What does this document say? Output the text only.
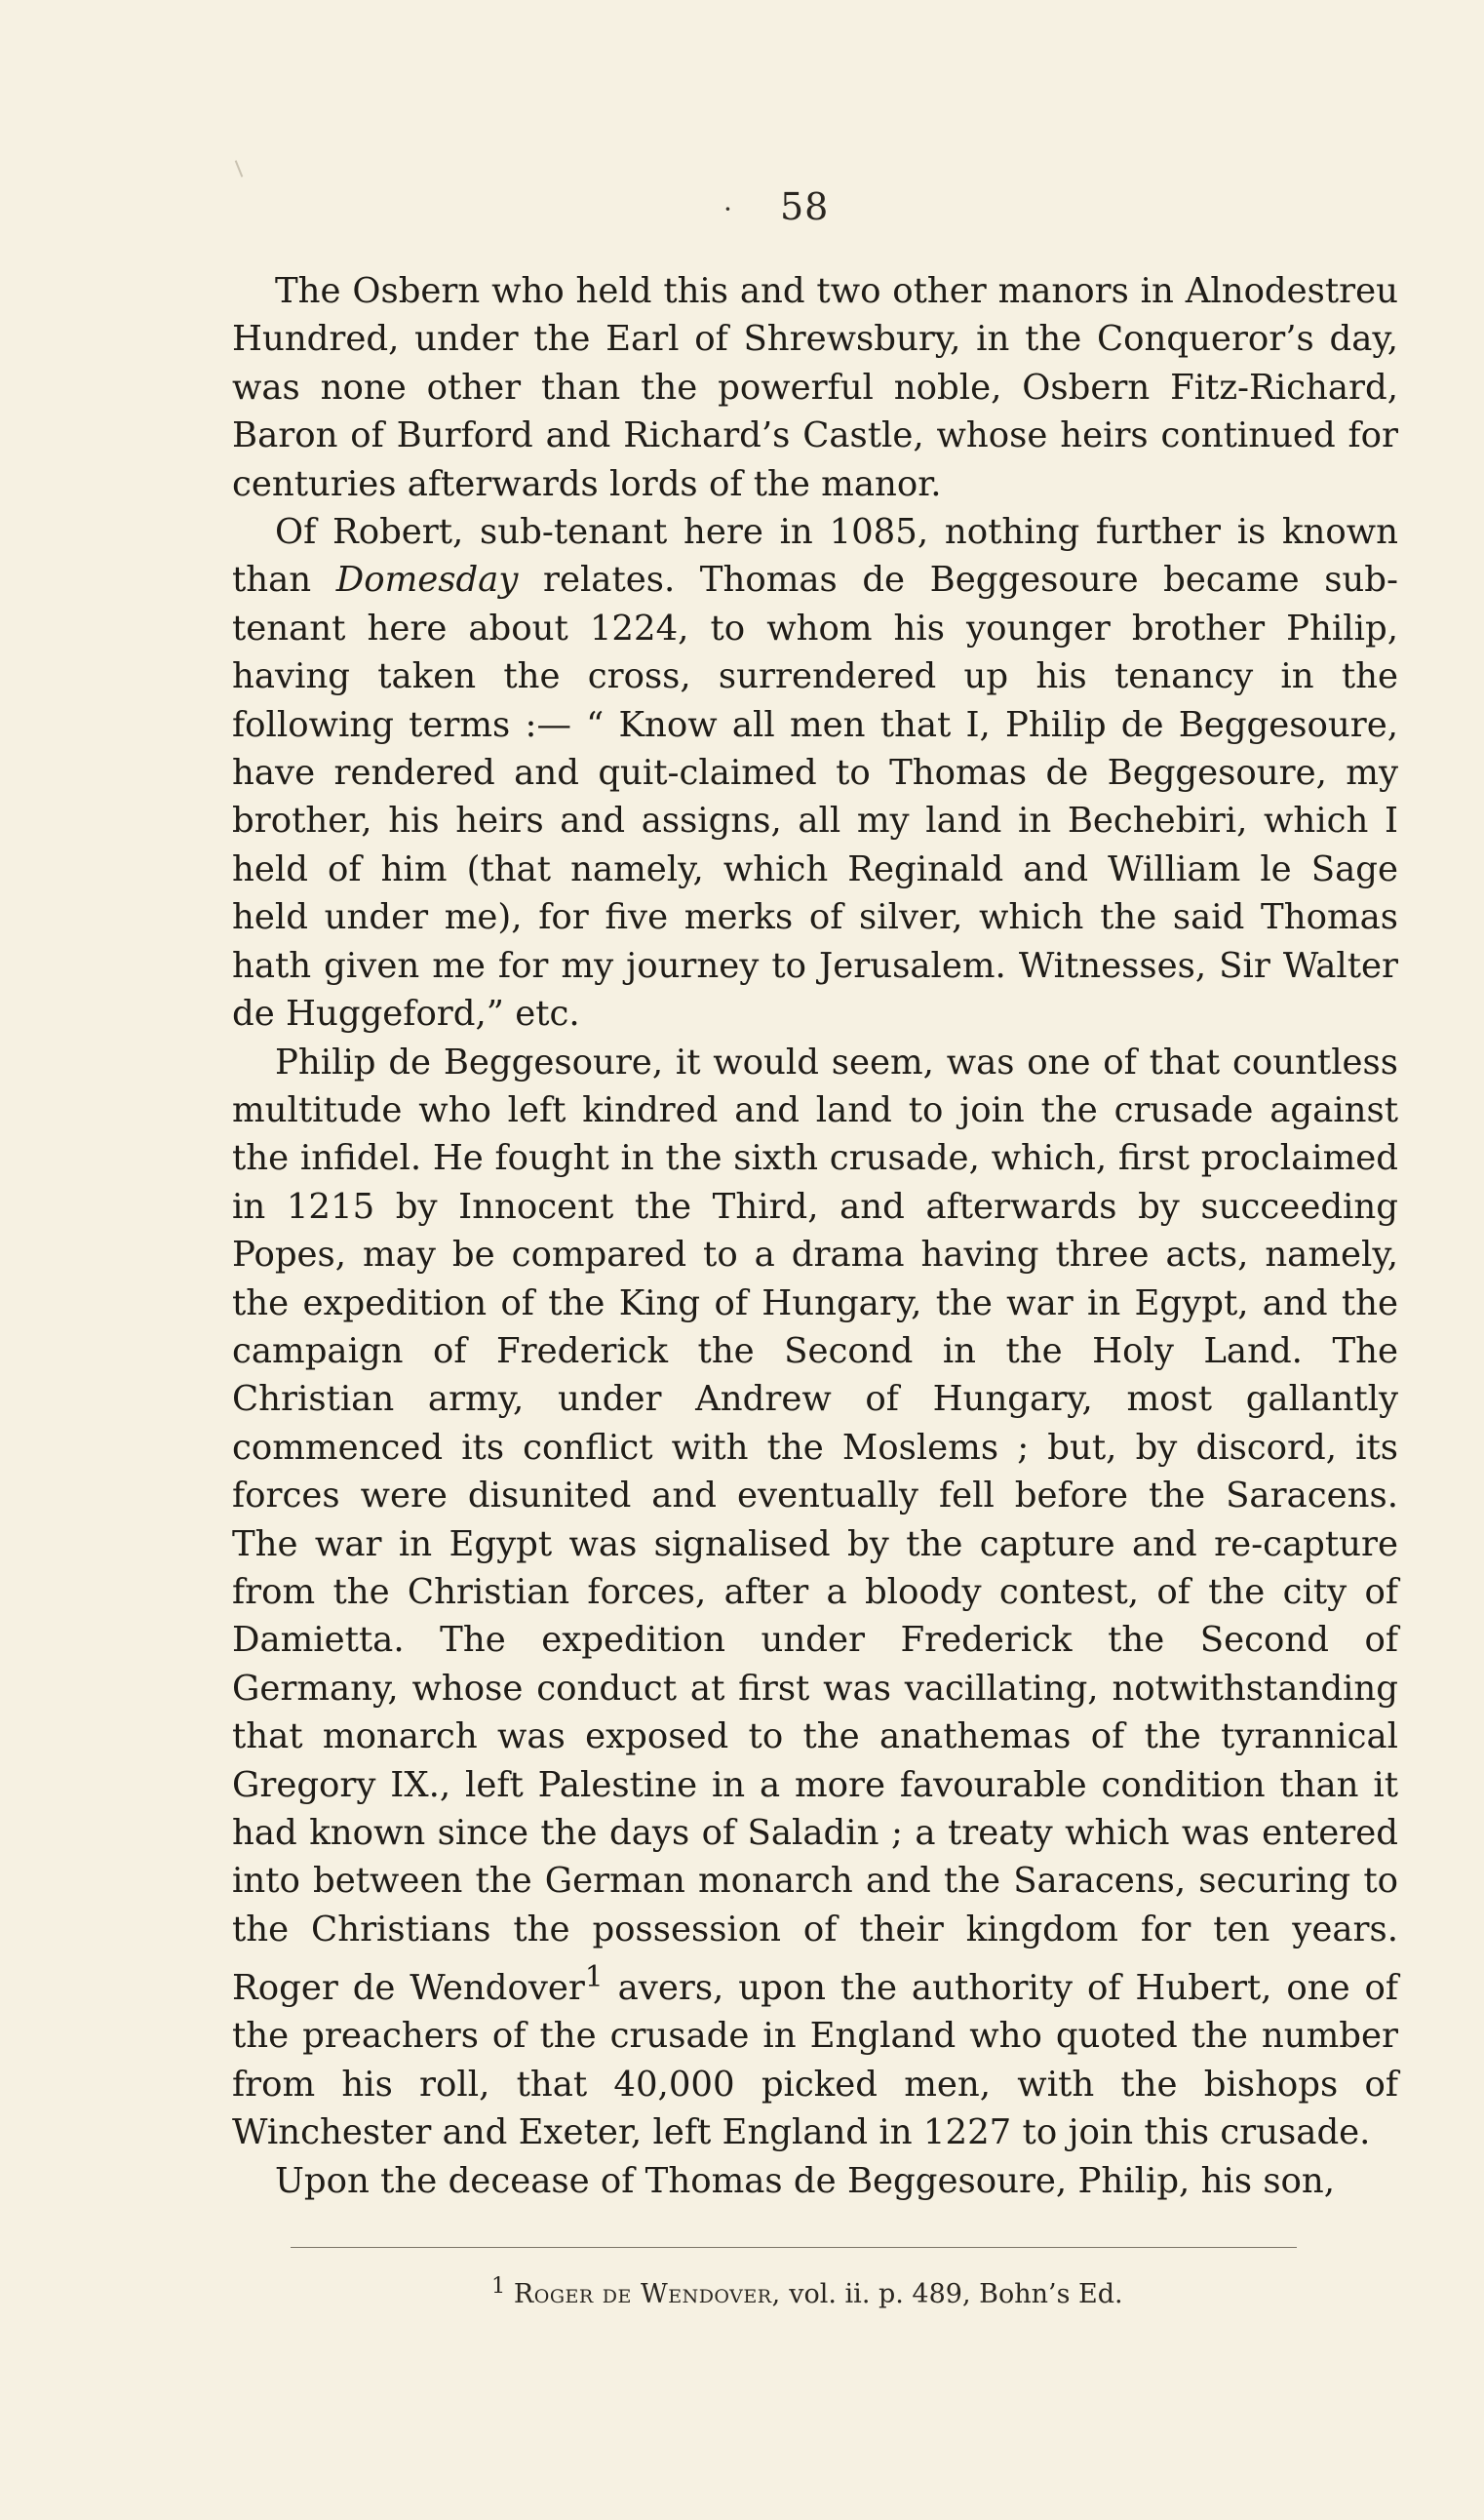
· 58

The Osbern who held this and two other manors in Alnodestreu Hundred, under the Earl of Shrewsbury, in the Conqueror’s day, was none other than the powerful noble, Osbern Fitz-Richard, Baron of Burford and Richard’s Castle, whose heirs continued for centuries afterwards lords of the manor.

Of Robert, sub-tenant here in 1085, nothing further is known than Domesday relates. Thomas de Beggesoure became sub-tenant here about 1224, to whom his younger brother Philip, having taken the cross, surrendered up his tenancy in the following terms :— “ Know all men that I, Philip de Beggesoure, have rendered and quit-claimed to Thomas de Beggesoure, my brother, his heirs and assigns, all my land in Bechebiri, which I held of him (that namely, which Reginald and William le Sage held under me), for five merks of silver, which the said Thomas hath given me for my journey to Jerusalem. Witnesses, Sir Walter de Huggeford,” etc.

Philip de Beggesoure, it would seem, was one of that countless multitude who left kindred and land to join the crusade against the infidel. He fought in the sixth crusade, which, first proclaimed in 1215 by Innocent the Third, and afterwards by succeeding Popes, may be compared to a drama having three acts, namely, the expedition of the King of Hungary, the war in Egypt, and the campaign of Frederick the Second in the Holy Land. The Christian army, under Andrew of Hungary, most gallantly commenced its conflict with the Moslems ; but, by discord, its forces were disunited and eventually fell before the Saracens. The war in Egypt was signalised by the capture and re-capture from the Christian forces, after a bloody contest, of the city of Damietta. The expedition under Frederick the Second of Germany, whose conduct at first was vacillating, notwithstanding that monarch was exposed to the anathemas of the tyrannical Gregory IX., left Palestine in a more favourable condition than it had known since the days of Saladin ; a treaty which was entered into between the German monarch and the Saracens, securing to the Christians the possession of their kingdom for ten years. Roger de Wendover$^1$ avers, upon the authority of Hubert, one of the preachers of the crusade in England who quoted the number from his roll, that 40,000 picked men, with the bishops of Winchester and Exeter, left England in 1227 to join this crusade.

Upon the decease of Thomas de Beggesoure, Philip, his son,

$^1$ Roger de Wendover, vol. ii. p. 489, Bohn’s Ed.
